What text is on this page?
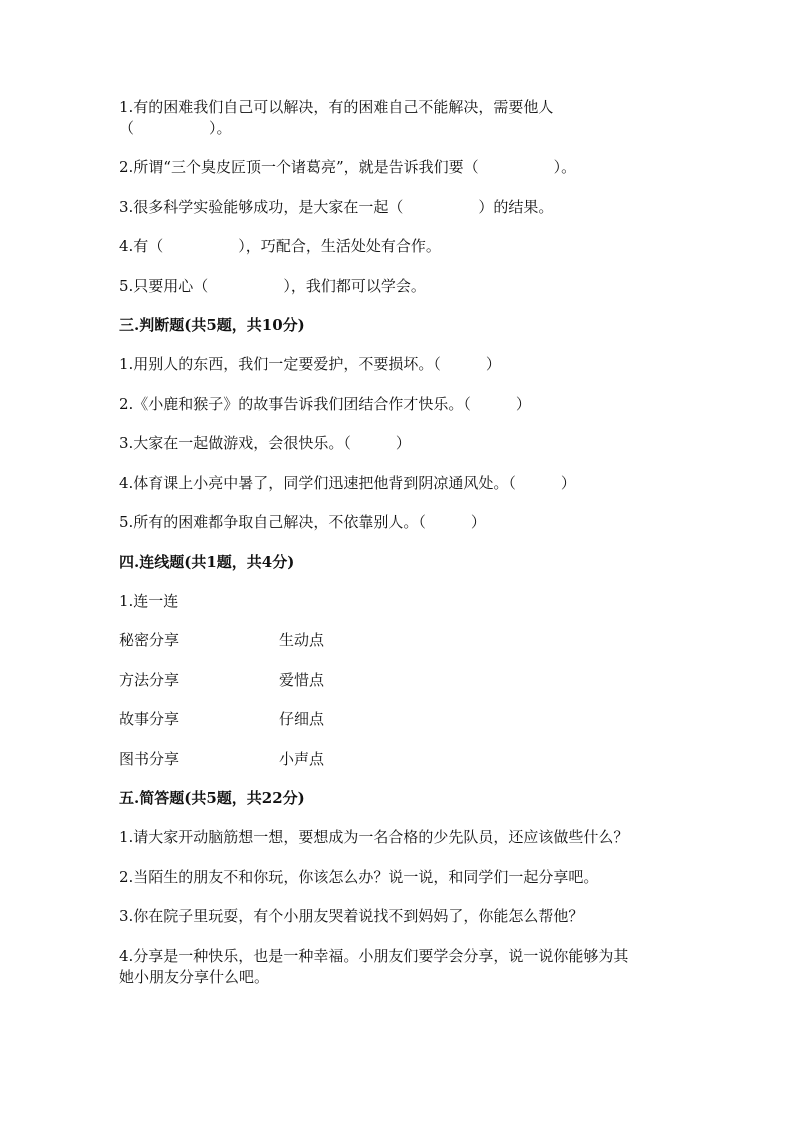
1.有的困难我们自己可以解决，有的困难自己不能解决，需要他人
（　　　　　）。
2.所谓“三个臭皮匠顶一个诸葛亮”，就是告诉我们要（　　　　　）。
3.很多科学实验能够成功，是大家在一起（　　　　　）的结果。
4.有（　　　　　），巧配合，生活处处有合作。
5.只要用心（　　　　　），我们都可以学会。
三.判断题(共5题，共10分)
1.用别人的东西，我们一定要爱护，不要损坏。（　　　）
2.《小鹿和猴子》的故事告诉我们团结合作才快乐。（　　　）
3.大家在一起做游戏，会很快乐。（　　　）
4.体育课上小亮中暑了，同学们迅速把他背到阴凉通风处。（　　　）
5.所有的困难都争取自己解决，不依靠别人。（　　　）
四.连线题(共1题，共4分)
1.连一连
秘密分享	生动点
方法分享	爱惜点
故事分享	仔细点
图书分享	小声点
五.简答题(共5题，共22分)
1.请大家开动脑筋想一想，要想成为一名合格的少先队员，还应该做些什么？
2.当陌生的朋友不和你玩，你该怎么办？说一说，和同学们一起分享吧。
3.你在院子里玩耍，有个小朋友哭着说找不到妈妈了，你能怎么帮他？
4.分享是一种快乐，也是一种幸福。小朋友们要学会分享，说一说你能够为其
她小朋友分享什么吧。
